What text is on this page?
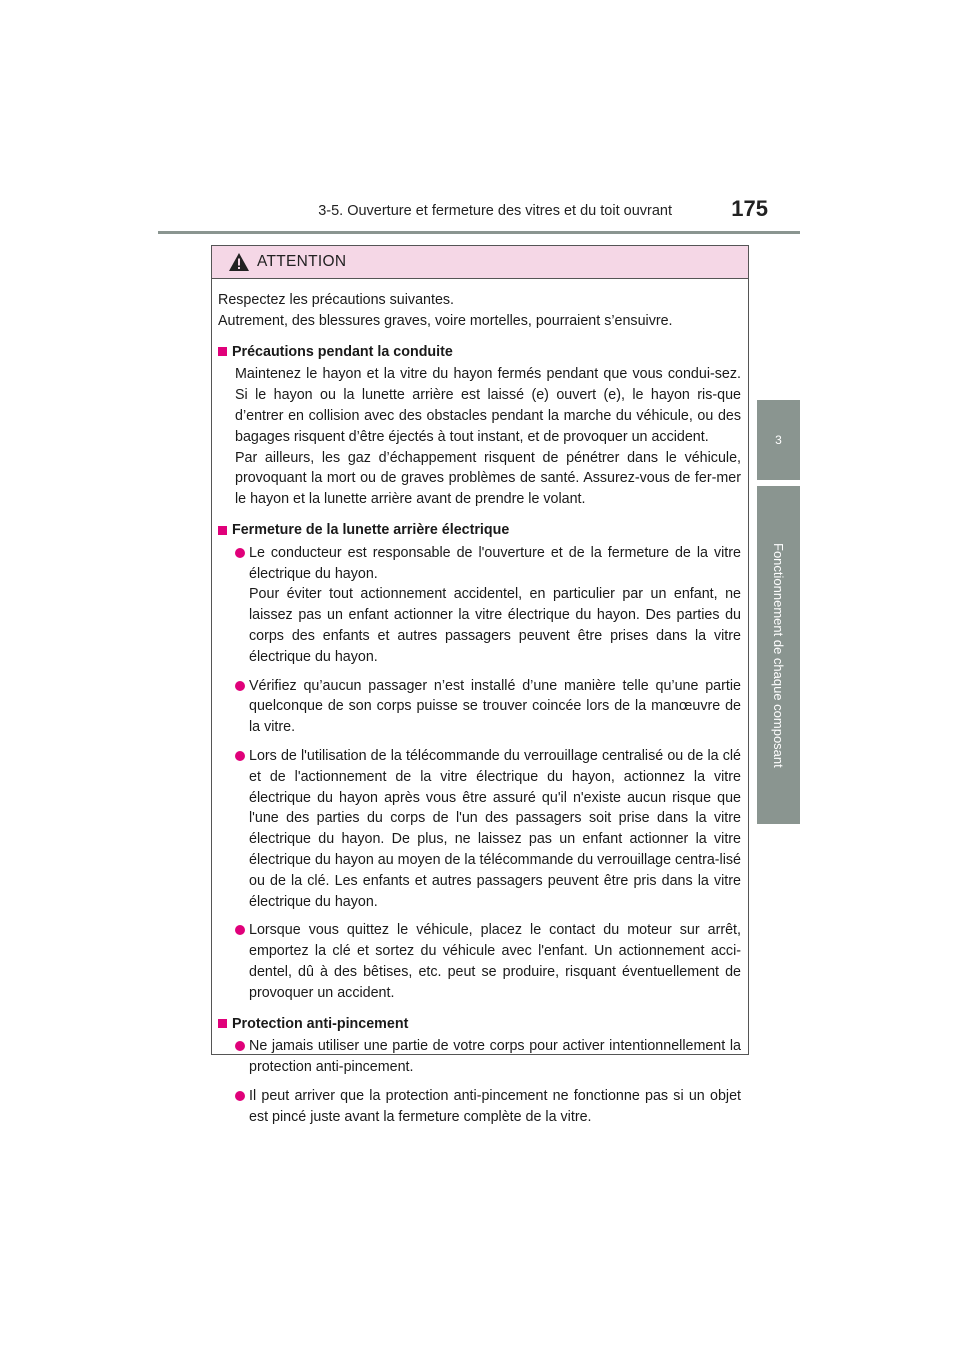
3-5. Ouverture et fermeture des vitres et du toit ouvrant	175
3
Fonctionnement de chaque composant
ATTENTION

Respectez les précautions suivantes.

Autrement, des blessures graves, voire mortelles, pourraient s’ensuivre.

Précautions pendant la conduite

Maintenez le hayon et la vitre du hayon fermés pendant que vous condui-sez. Si le hayon ou la lunette arrière est laissé (e) ouvert (e), le hayon ris-que d’entrer en collision avec des obstacles pendant la marche du véhicule, ou des bagages risquent d’être éjectés à tout instant, et de provoquer un accident.

Par ailleurs, les gaz d’échappement risquent de pénétrer dans le véhicule, provoquant la mort ou de graves problèmes de santé. Assurez-vous de fer-mer le hayon et la lunette arrière avant de prendre le volant.

Fermeture de la lunette arrière électrique

Le conducteur est responsable de l'ouverture et de la fermeture de la vitre électrique du hayon.
Pour éviter tout actionnement accidentel, en particulier par un enfant, ne laissez pas un enfant actionner la vitre électrique du hayon. Des parties du corps des enfants et autres passagers peuvent être prises dans la vitre électrique du hayon.
Vérifiez qu’aucun passager n’est installé d’une manière telle qu’une partie quelconque de son corps puisse se trouver coincée lors de la manœuvre de la vitre.
Lors de l'utilisation de la télécommande du verrouillage centralisé ou de la clé et de l'actionnement de la vitre électrique du hayon, actionnez la vitre électrique du hayon après vous être assuré qu'il n'existe aucun risque que l'une des parties du corps de l'un des passagers soit prise dans la vitre électrique du hayon. De plus, ne laissez pas un enfant actionner la vitre électrique du hayon au moyen de la télécommande du verrouillage centra-lisé ou de la clé. Les enfants et autres passagers peuvent être pris dans la vitre électrique du hayon.
Lorsque vous quittez le véhicule, placez le contact du moteur sur arrêt, emportez la clé et sortez du véhicule avec l'enfant. Un actionnement acci-dentel, dû à des bêtises, etc. peut se produire, risquant éventuellement de provoquer un accident.

Protection anti-pincement

Ne jamais utiliser une partie de votre corps pour activer intentionnellement la protection anti-pincement.
Il peut arriver que la protection anti-pincement ne fonctionne pas si un objet est pincé juste avant la fermeture complète de la vitre.
